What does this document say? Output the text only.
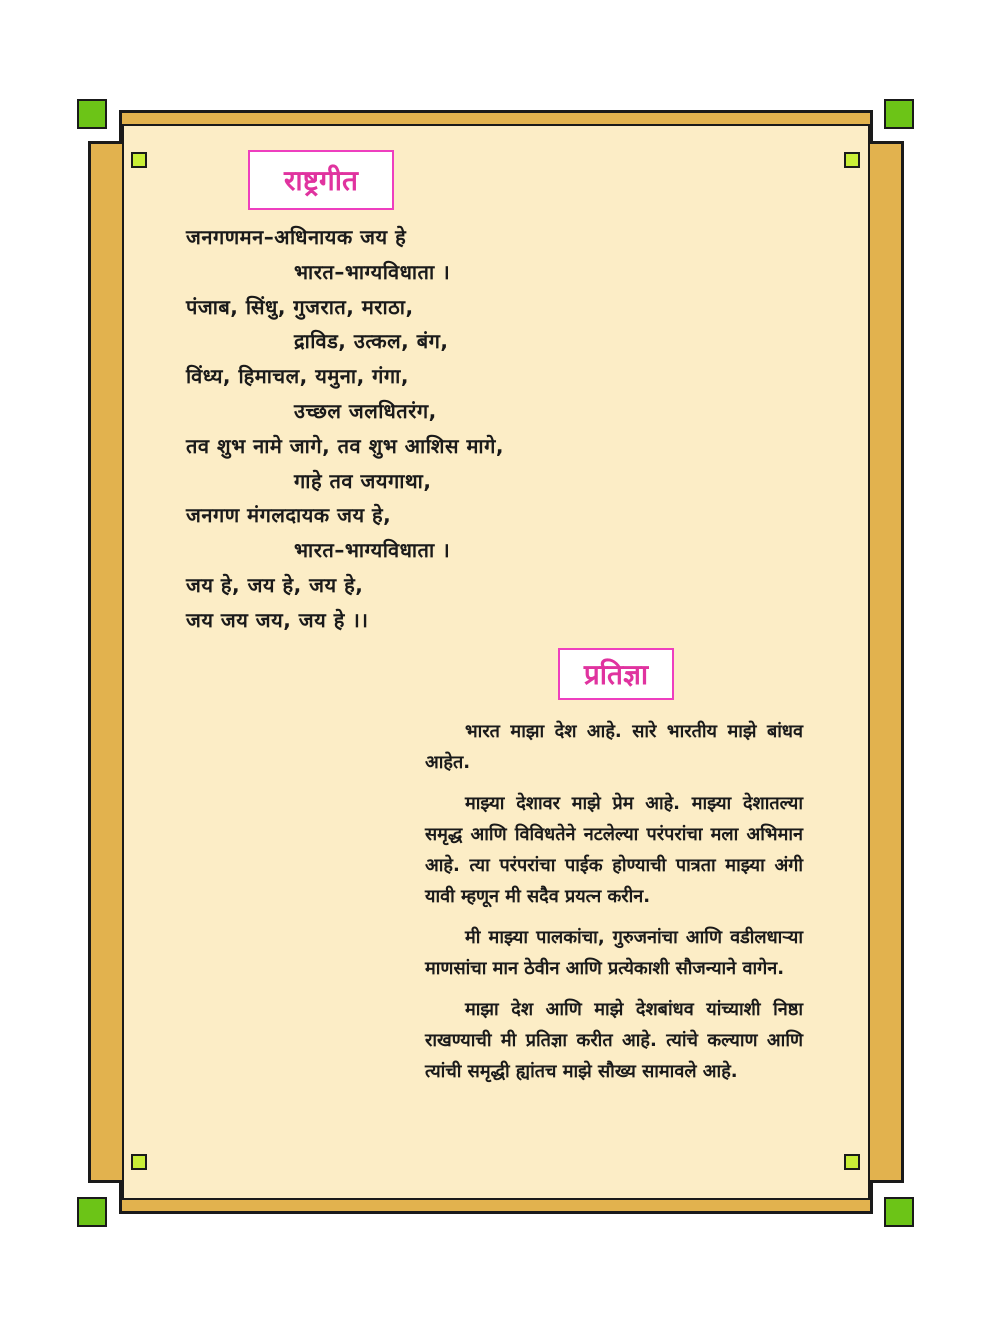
राष्ट्रगीत
जनगणमन–अधिनायक जय हे
भारत–भाग्यविधाता ।
पंजाब, सिंधु, गुजरात, मराठा,
द्राविड, उत्कल, बंग,
विंध्य, हिमाचल, यमुना, गंगा,
उच्छल जलधितरंग,
तव शुभ नामे जागे, तव शुभ आशिस मागे,
गाहे तव जयगाथा,
जनगण मंगलदायक जय हे,
भारत–भाग्यविधाता ।
जय हे, जय हे, जय हे,
जय जय जय, जय हे ।।
प्रतिज्ञा

भारत माझा देश आहे. सारे भारतीय माझे बांधव आहेत.

माझ्या देशावर माझे प्रेम आहे. माझ्या देशातल्या समृद्ध आणि विविधतेने नटलेल्या परंपरांचा मला अभिमान आहे. त्या परंपरांचा पाईक होण्याची पात्रता माझ्या अंगी यावी म्हणून मी सदैव प्रयत्न करीन.

मी माझ्या पालकांचा, गुरुजनांचा आणि वडीलधाऱ्या माणसांचा मान ठेवीन आणि प्रत्येकाशी सौजन्याने वागेन.

माझा देश आणि माझे देशबांधव यांच्याशी निष्ठा राखण्याची मी प्रतिज्ञा करीत आहे. त्यांचे कल्याण आणि त्यांची समृद्धी ह्यांतच माझे सौख्य सामावले आहे.
